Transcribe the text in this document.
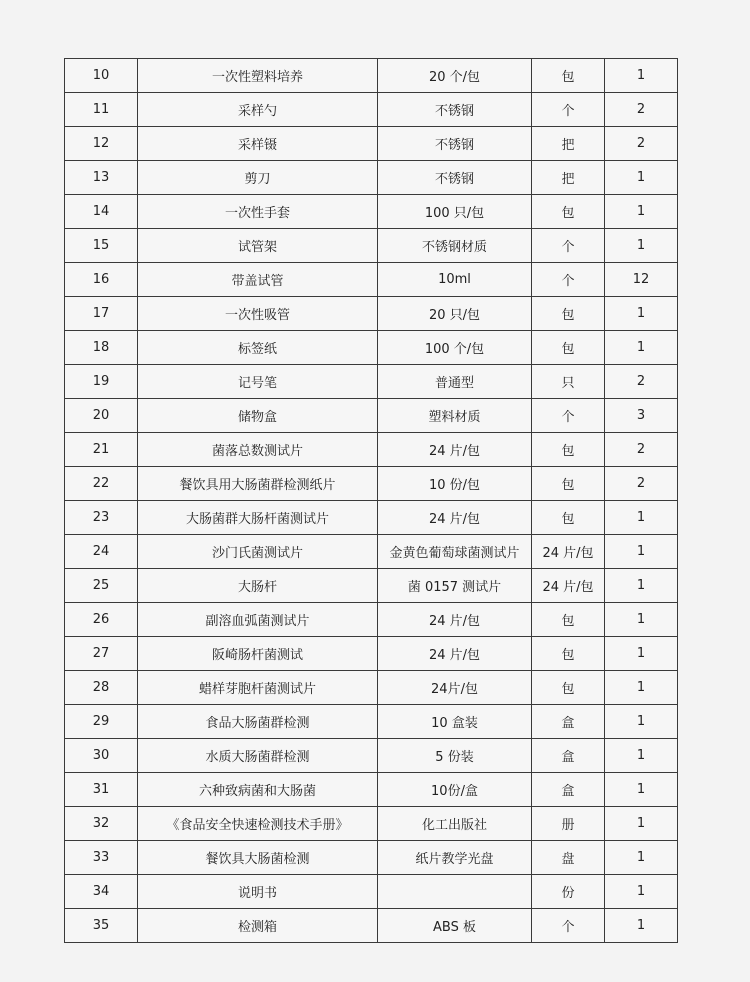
10	一次性塑料培养	20 个/包	包	1
11	采样勺	不锈钢	个	2
12	采样镊	不锈钢	把	2
13	剪刀	不锈钢	把	1
14	一次性手套	100 只/包	包	1
15	试管架	不锈钢材质	个	1
16	带盖试管	10ml	个	12
17	一次性吸管	20 只/包	包	1
18	标签纸	100 个/包	包	1
19	记号笔	普通型	只	2
20	储物盒	塑料材质	个	3
21	菌落总数测试片	24 片/包	包	2
22	餐饮具用大肠菌群检测纸片	10 份/包	包	2
23	大肠菌群大肠杆菌测试片	24 片/包	包	1
24	沙门氏菌测试片	金黄色葡萄球菌测试片	24 片/包	1
25	大肠杆	菌 0157 测试片	24 片/包	1
26	副溶血弧菌测试片	24 片/包	包	1
27	阪崎肠杆菌测试	24 片/包	包	1
28	蜡样芽胞杆菌测试片	24片/包	包	1
29	食品大肠菌群检测	10 盒装	盒	1
30	水质大肠菌群检测	5 份装	盒	1
31	六种致病菌和大肠菌	10份/盒	盒	1
32	《食品安全快速检测技术手册》	化工出版社	册	1
33	餐饮具大肠菌检测	纸片教学光盘	盘	1
34	说明书		份	1
35	检测箱	ABS 板	个	1
